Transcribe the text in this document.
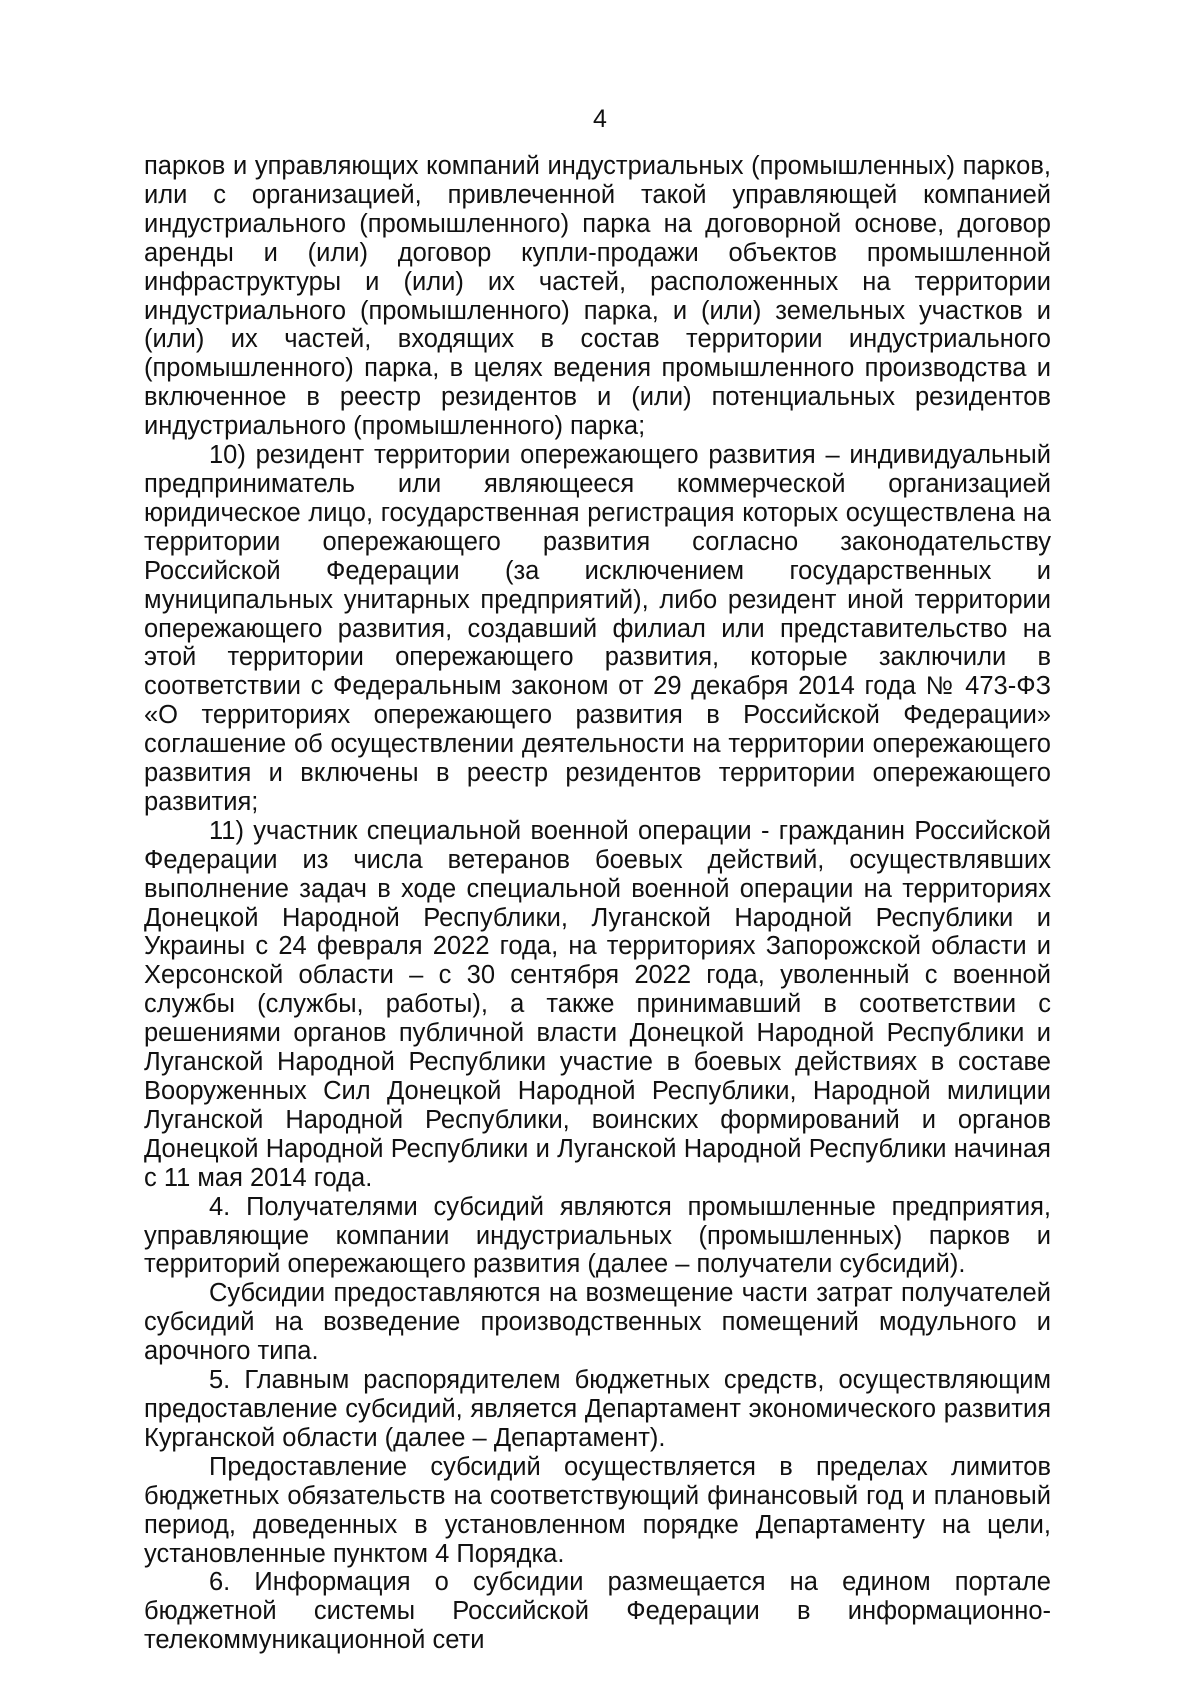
4

парков и управляющих компаний индустриальных (промышленных) парков, или с организацией, привлеченной такой управляющей компанией индустриального (промышленного) парка на договорной основе, договор аренды и (или) договор купли-продажи объектов промышленной инфраструктуры и (или) их частей, расположенных на территории индустриального (промышленного) парка, и (или) земельных участков и (или) их частей, входящих в состав территории индустриального (промышленного) парка, в целях ведения промышленного производства и включенное в реестр резидентов и (или) потенциальных резидентов индустриального (промышленного) парка;

10) резидент территории опережающего развития – индивидуальный предприниматель или являющееся коммерческой организацией юридическое лицо, государственная регистрация которых осуществлена на территории опережающего развития согласно законодательству Российской Федерации (за исключением государственных и муниципальных унитарных предприятий), либо резидент иной территории опережающего развития, создавший филиал или представительство на этой территории опережающего развития, которые заключили в соответствии с Федеральным законом от 29 декабря 2014 года № 473-ФЗ «О территориях опережающего развития в Российской Федерации» соглашение об осуществлении деятельности на территории опережающего развития и включены в реестр резидентов территории опережающего развития;

11) участник специальной военной операции - гражданин Российской Федерации из числа ветеранов боевых действий, осуществлявших выполнение задач в ходе специальной военной операции на территориях Донецкой Народной Республики, Луганской Народной Республики и Украины с 24 февраля 2022 года, на территориях Запорожской области и Херсонской области – с 30 сентября 2022 года, уволенный с военной службы (службы, работы), а также принимавший в соответствии с решениями органов публичной власти Донецкой Народной Республики и Луганской Народной Республики участие в боевых действиях в составе Вооруженных Сил Донецкой Народной Республики, Народной милиции Луганской Народной Республики, воинских формирований и органов Донецкой Народной Республики и Луганской Народной Республики начиная с 11 мая 2014 года.

4. Получателями субсидий являются промышленные предприятия, управляющие компании индустриальных (промышленных) парков и территорий опережающего развития (далее – получатели субсидий).

Субсидии предоставляются на возмещение части затрат получателей субсидий на возведение производственных помещений модульного и арочного типа.

5. Главным распорядителем бюджетных средств, осуществляющим предоставление субсидий, является Департамент экономического развития Курганской области (далее – Департамент).

Предоставление субсидий осуществляется в пределах лимитов бюджетных обязательств на соответствующий финансовый год и плановый период, доведенных в установленном порядке Департаменту на цели, установленные пунктом 4 Порядка.

6. Информация о субсидии размещается на едином портале бюджетной системы Российской Федерации в информационно-телекоммуникационной сети
